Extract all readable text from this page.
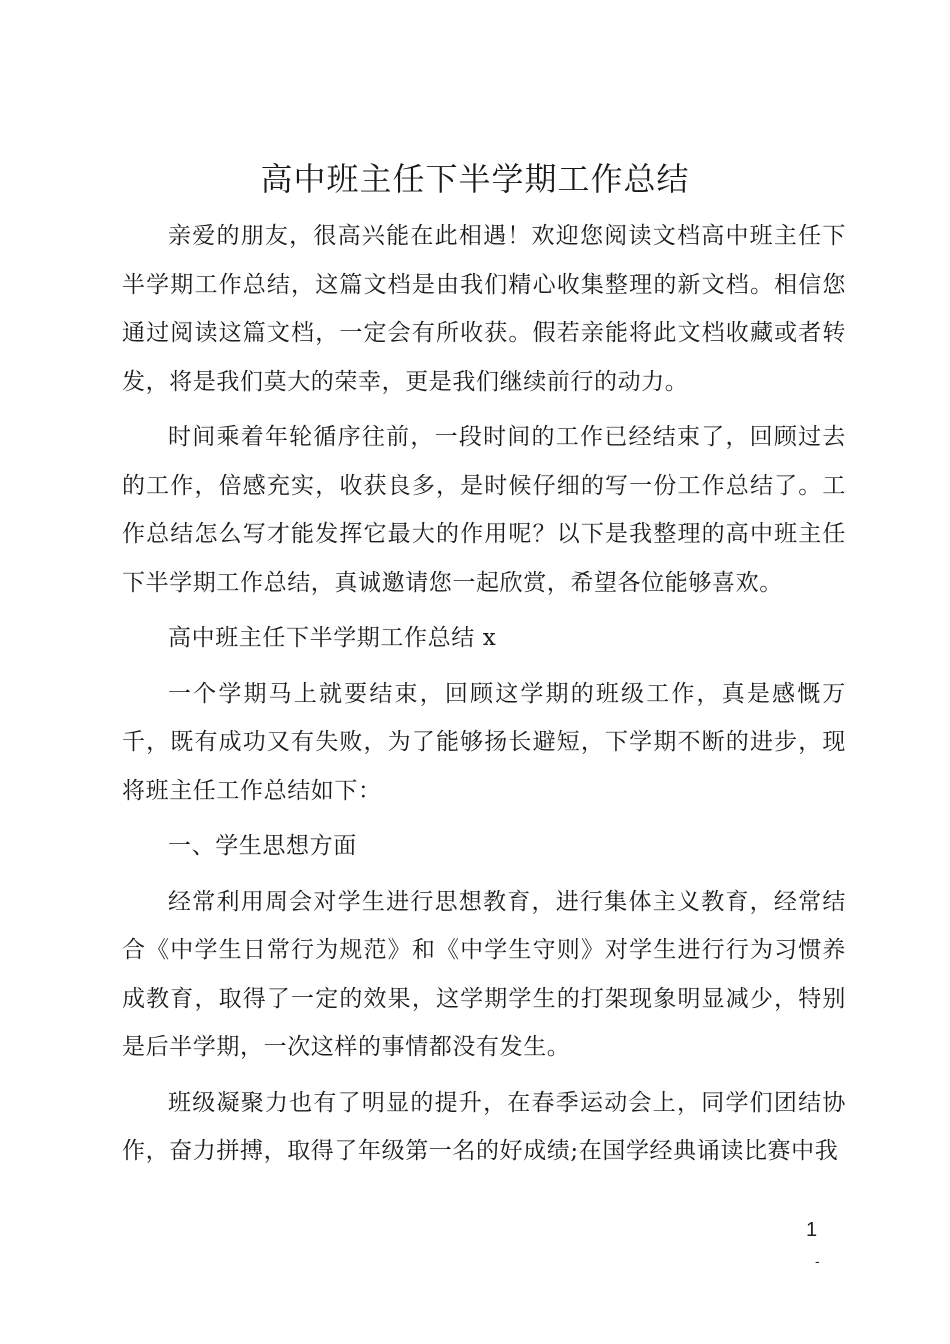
高中班主任下半学期工作总结

亲爱的朋友，很高兴能在此相遇！欢迎您阅读文档高中班主任下半学期工作总结，这篇文档是由我们精心收集整理的新文档。相信您通过阅读这篇文档，一定会有所收获。假若亲能将此文档收藏或者转发，将是我们莫大的荣幸，更是我们继续前行的动力。

时间乘着年轮循序往前，一段时间的工作已经结束了，回顾过去的工作，倍感充实，收获良多，是时候仔细的写一份工作总结了。工作总结怎么写才能发挥它最大的作用呢？以下是我整理的高中班主任下半学期工作总结，真诚邀请您一起欣赏，希望各位能够喜欢。

高中班主任下半学期工作总结 x

一个学期马上就要结束，回顾这学期的班级工作，真是感慨万千，既有成功又有失败，为了能够扬长避短，下学期不断的进步，现将班主任工作总结如下：

一、学生思想方面

经常利用周会对学生进行思想教育，进行集体主义教育，经常结合《中学生日常行为规范》和《中学生守则》对学生进行行为习惯养成教育，取得了一定的效果，这学期学生的打架现象明显减少，特别是后半学期，一次这样的事情都没有发生。

班级凝聚力也有了明显的提升，在春季运动会上，同学们团结协作，奋力拼搏，取得了年级第一名的好成绩;在国学经典诵读比赛中我

1
-
